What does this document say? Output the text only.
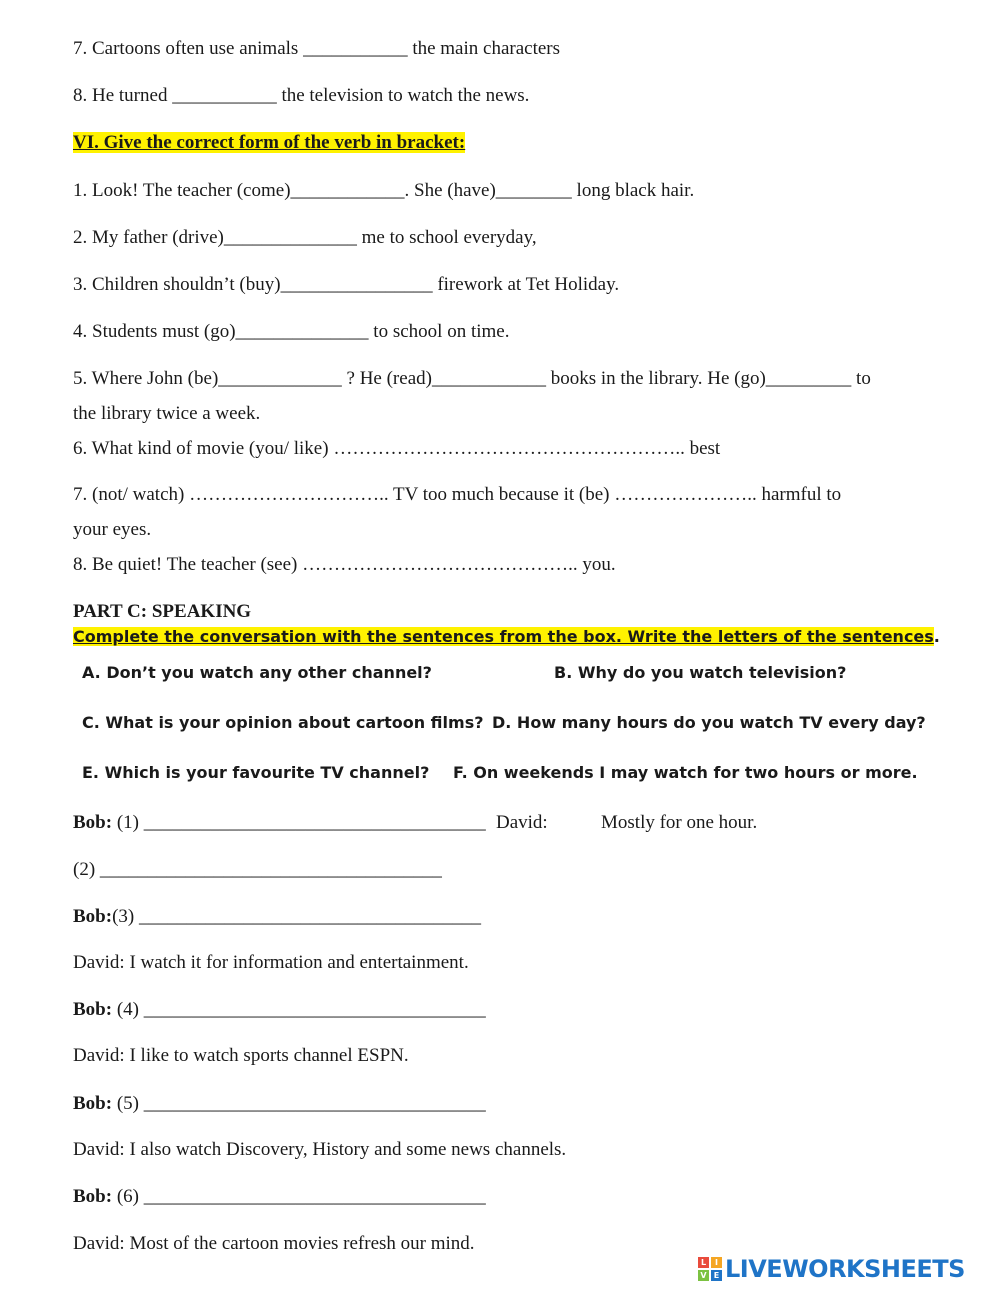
7. Cartoons often use animals ___________ the main characters
8. He turned ___________ the television to watch the news.
VI. Give the correct form of the verb in bracket:
1. Look! The teacher (come)____________. She (have)________ long black hair.
2. My father (drive)______________ me to school everyday,
3. Children shouldn’t (buy)________________ firework at Tet Holiday.
4. Students must (go)______________ to school on time.
5. Where John (be)_____________ ? He (read)____________ books in the library. He (go)_________ to
the library twice a week.
6. What kind of movie (you/ like) ……………………………………………….. best
7. (not/ watch) ………………………….. TV too much because it (be) ………………….. harmful to
your eyes.
8. Be quiet! The teacher (see) …………………………………….. you.
PART C: SPEAKING
Complete the conversation with the sentences from the box. Write the letters of the sentences.
A. Don’t you watch any other channel?	B. Why do you watch television?
C. What is your opinion about cartoon films? D. How many hours do you watch TV every day?
E. Which is your favourite TV channel? F. On weekends I may watch for two hours or more.
Bob: (1) ____________________________________ David:	Mostly for one hour.
(2) ____________________________________
Bob:(3) ____________________________________
David: I watch it for information and entertainment.
Bob: (4) ____________________________________
David: I like to watch sports channel ESPN.
Bob: (5) ____________________________________
David: I also watch Discovery, History and some news channels.
Bob: (6) ____________________________________
David: Most of the cartoon movies refresh our mind.
L	I
V E LIVEWORKSHEETS
